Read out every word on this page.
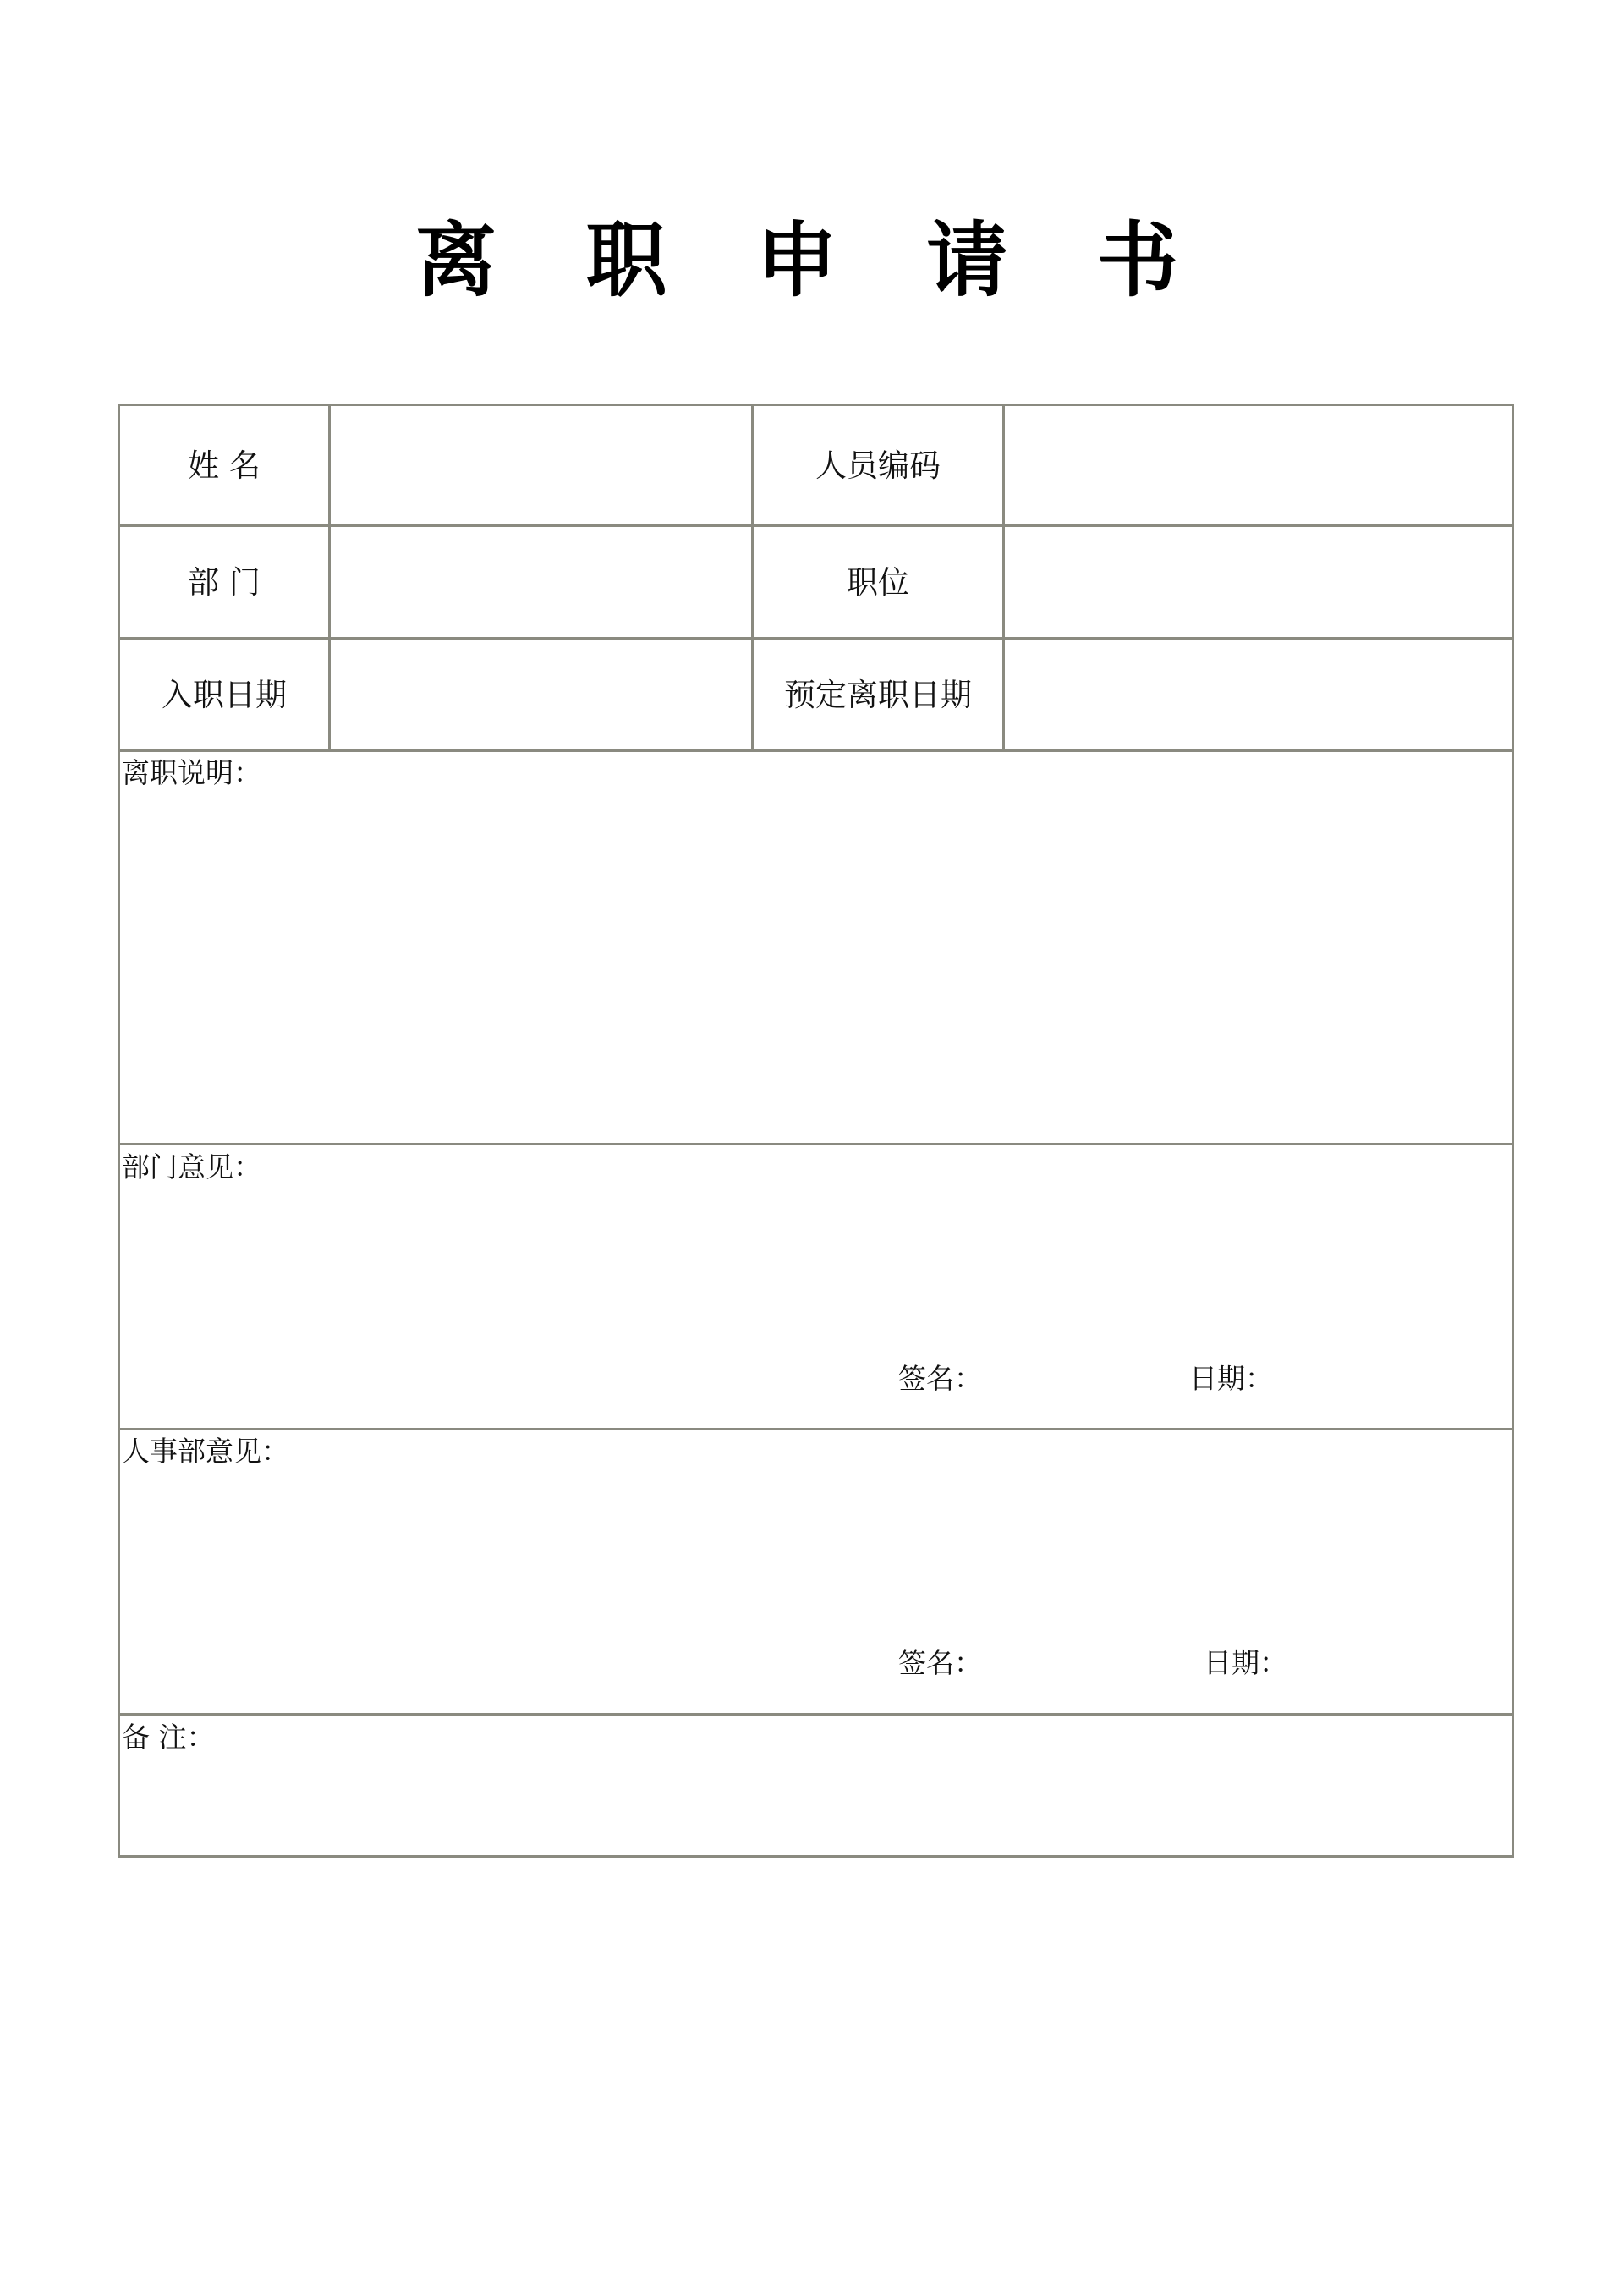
离 职 申 请 书
姓 名	人员编码
部 门	职位
入职日期	预定离职日期
离职说明：
部门意见：
签名：	日期：
人事部意见：
签名：	日期：
备 注：
